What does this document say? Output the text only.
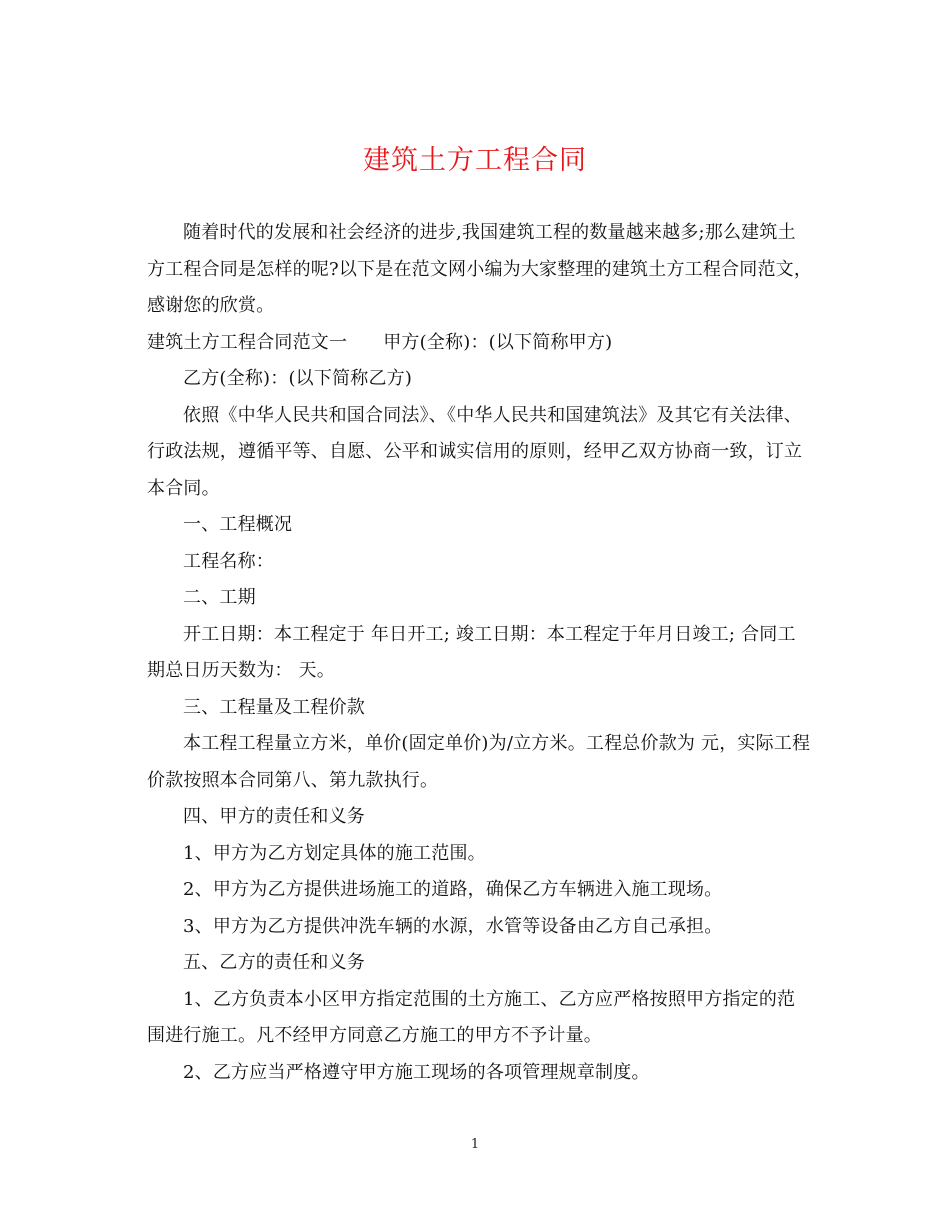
建筑土方工程合同

随着时代的发展和社会经济的进步,我国建筑工程的数量越来越多;那么建筑土方工程合同是怎样的呢?以下是在范文网小编为大家整理的建筑土方工程合同范文，感谢您的欣赏。

建筑土方工程合同范文一 甲方(全称)：(以下简称甲方)

乙方(全称)：(以下简称乙方)

依照《中华人民共和国合同法》、《中华人民共和国建筑法》及其它有关法律、行政法规，遵循平等、自愿、公平和诚实信用的原则，经甲乙双方协商一致，订立本合同。

一、工程概况

工程名称：

二、工期

开工日期：本工程定于 年日开工; 竣工日期：本工程定于年月日竣工; 合同工期总日历天数为： 天。

三、工程量及工程价款

本工程工程量立方米，单价(固定单价)为/立方米。工程总价款为 元，实际工程价款按照本合同第八、第九款执行。

四、甲方的责任和义务

1、甲方为乙方划定具体的施工范围。

2、甲方为乙方提供进场施工的道路，确保乙方车辆进入施工现场。

3、甲方为乙方提供冲洗车辆的水源，水管等设备由乙方自己承担。

五、乙方的责任和义务

1、乙方负责本小区甲方指定范围的土方施工、乙方应严格按照甲方指定的范围进行施工。凡不经甲方同意乙方施工的甲方不予计量。

2、乙方应当严格遵守甲方施工现场的各项管理规章制度。

1
